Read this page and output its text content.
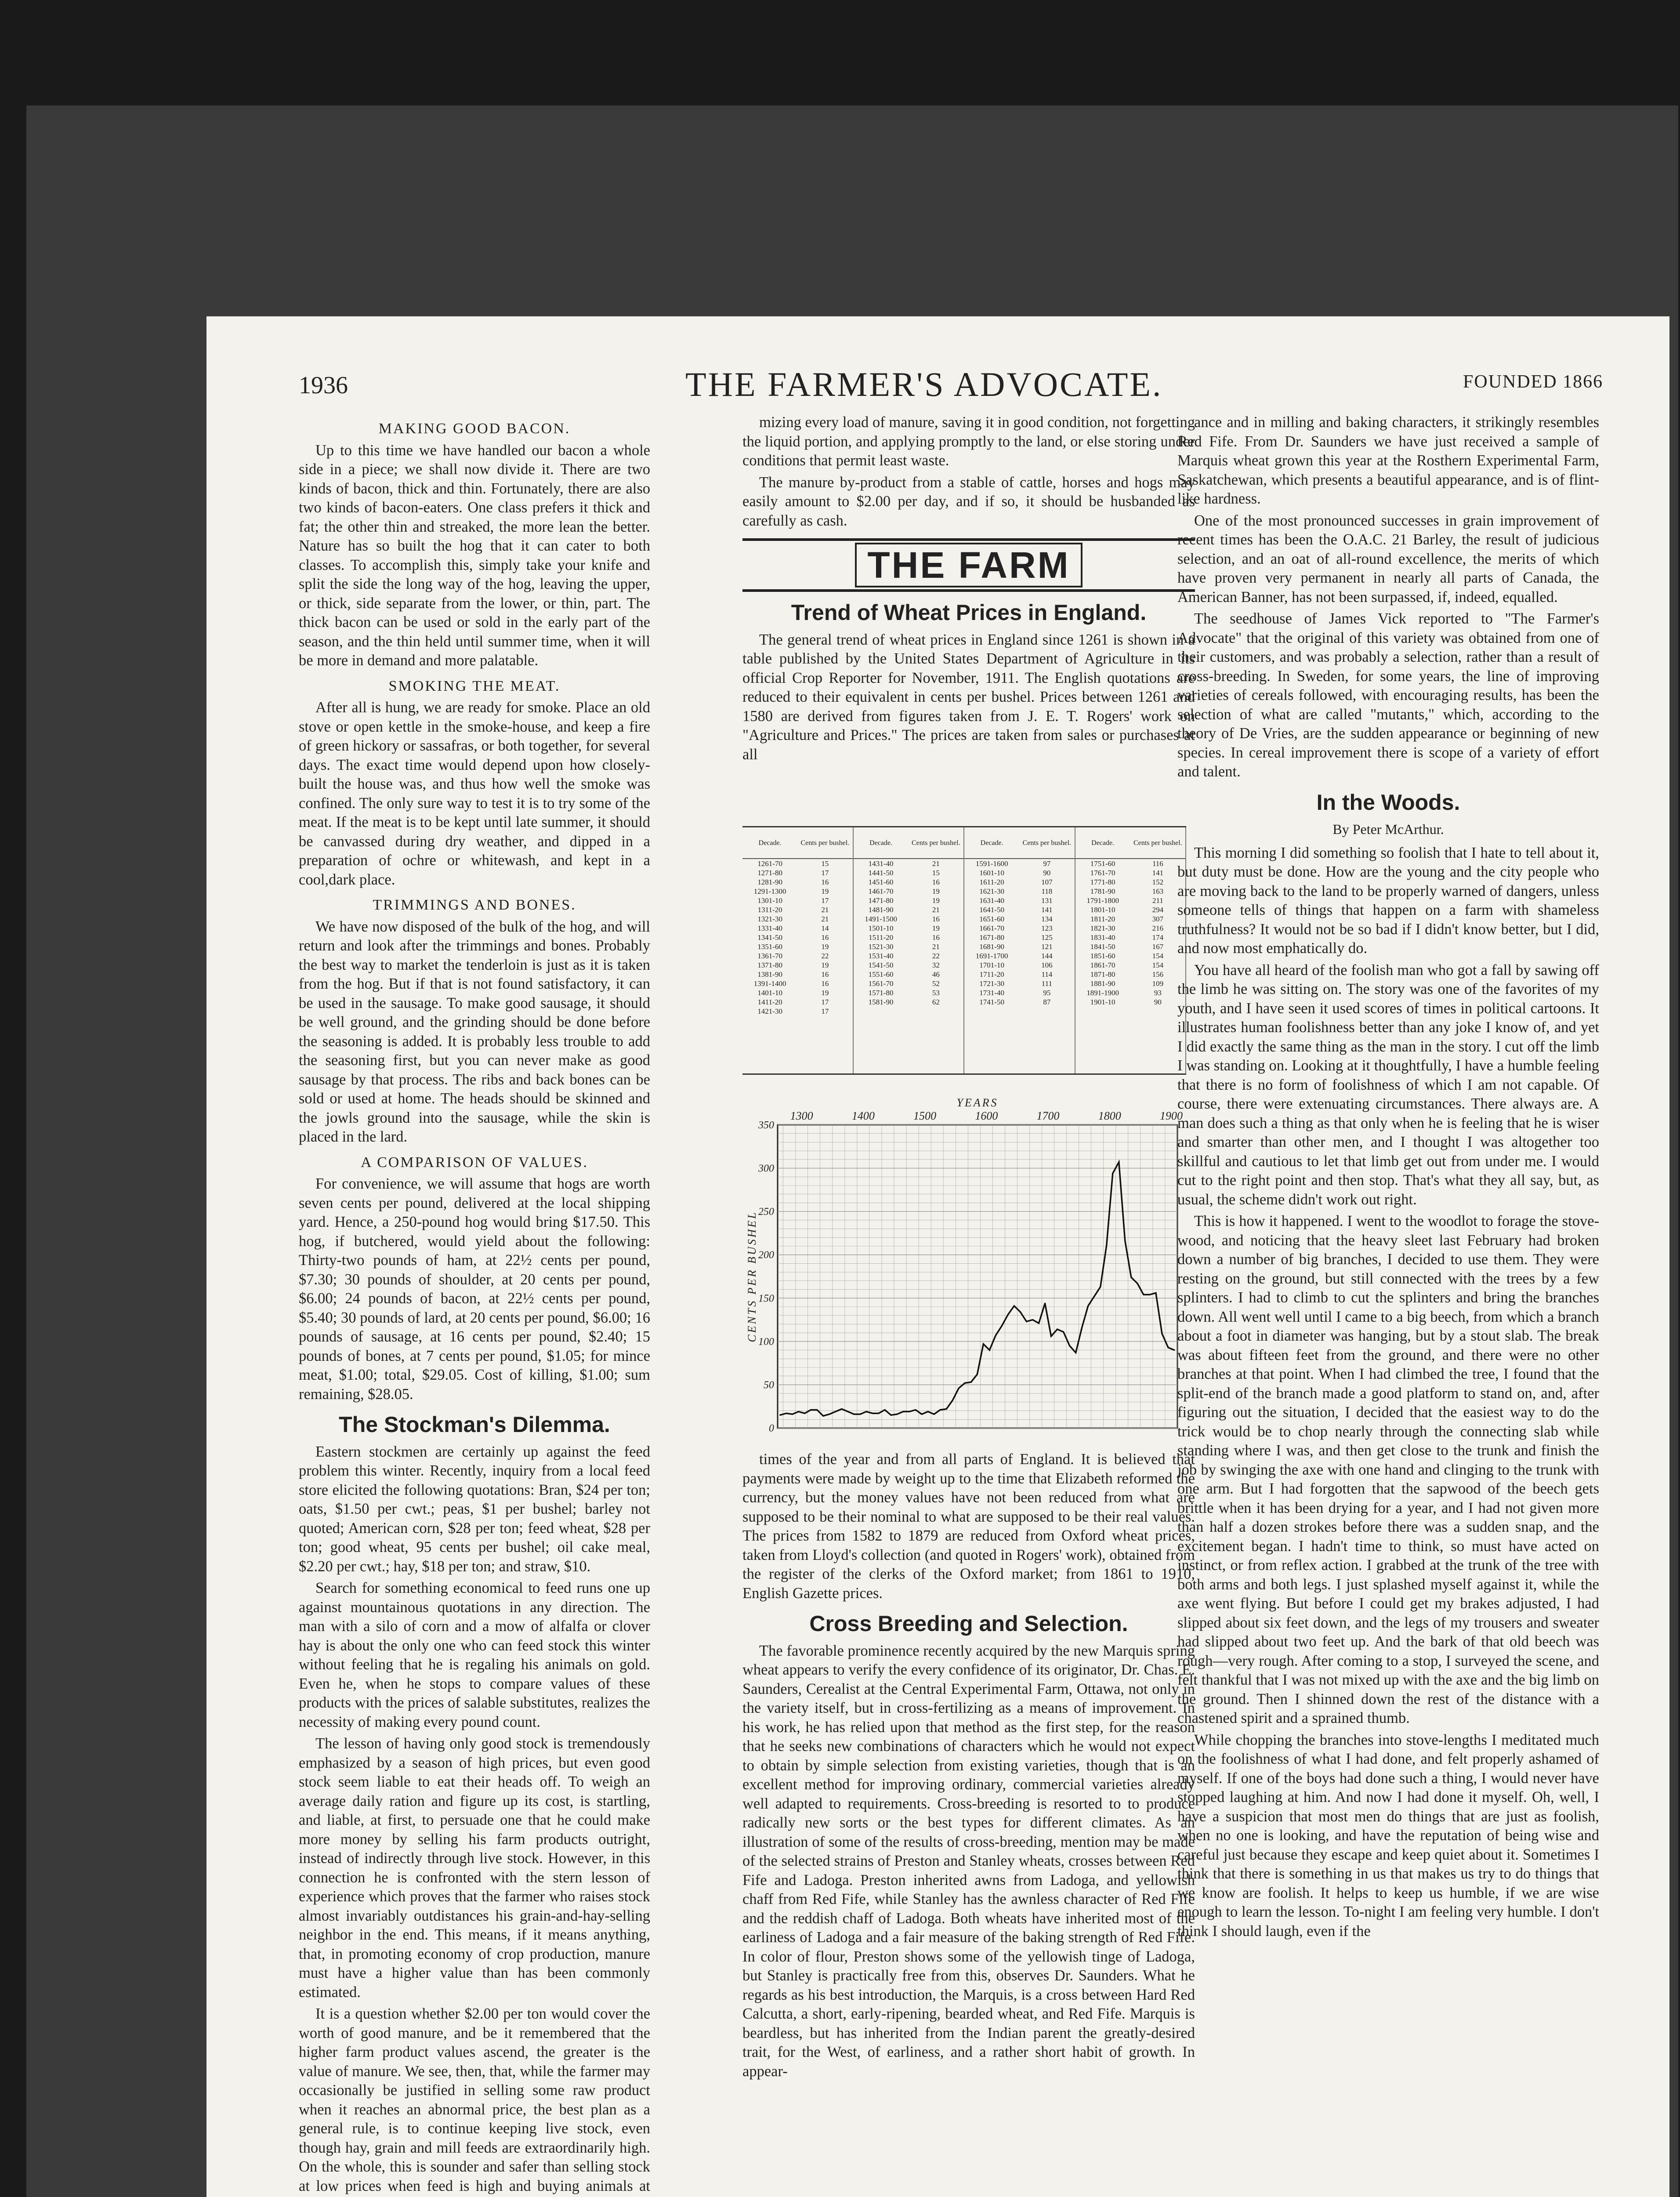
1936	THE FARMER'S ADVOCATE.	FOUNDED 1866
MAKING GOOD BACON.

Up to this time we have handled our bacon a whole side in a piece; we shall now divide it. There are two kinds of bacon, thick and thin. Fortunately, there are also two kinds of bacon-eaters. One class prefers it thick and fat; the other thin and streaked, the more lean the better. Nature has so built the hog that it can cater to both classes. To accomplish this, simply take your knife and split the side the long way of the hog, leaving the upper, or thick, side separate from the lower, or thin, part. The thick bacon can be used or sold in the early part of the season, and the thin held until summer time, when it will be more in demand and more palatable.

SMOKING THE MEAT.

After all is hung, we are ready for smoke. Place an old stove or open kettle in the smoke-house, and keep a fire of green hickory or sassafras, or both together, for several days. The exact time would depend upon how closely-built the house was, and thus how well the smoke was confined. The only sure way to test it is to try some of the meat. If the meat is to be kept until late summer, it should be canvassed during dry weather, and dipped in a preparation of ochre or whitewash, and kept in a cool,dark place.

TRIMMINGS AND BONES.

We have now disposed of the bulk of the hog, and will return and look after the trimmings and bones. Probably the best way to market the tenderloin is just as it is taken from the hog. But if that is not found satisfactory, it can be used in the sausage. To make good sausage, it should be well ground, and the grinding should be done before the seasoning is added. It is probably less trouble to add the seasoning first, but you can never make as good sausage by that process. The ribs and back bones can be sold or used at home. The heads should be skinned and the jowls ground into the sausage, while the skin is placed in the lard.

A COMPARISON OF VALUES.

For convenience, we will assume that hogs are worth seven cents per pound, delivered at the local shipping yard. Hence, a 250-pound hog would bring $17.50. This hog, if butchered, would yield about the following: Thirty-two pounds of ham, at 22½ cents per pound, $7.30; 30 pounds of shoulder, at 20 cents per pound, $6.00; 24 pounds of bacon, at 22½ cents per pound, $5.40; 30 pounds of lard, at 20 cents per pound, $6.00; 16 pounds of sausage, at 16 cents per pound, $2.40; 15 pounds of bones, at 7 cents per pound, $1.05; for mince meat, $1.00; total, $29.05. Cost of killing, $1.00; sum remaining, $28.05.

The Stockman's Dilemma.

Eastern stockmen are certainly up against the feed problem this winter. Recently, inquiry from a local feed store elicited the following quotations: Bran, $24 per ton; oats, $1.50 per cwt.; peas, $1 per bushel; barley not quoted; American corn, $28 per ton; feed wheat, $28 per ton; good wheat, 95 cents per bushel; oil cake meal, $2.20 per cwt.; hay, $18 per ton; and straw, $10.

Search for something economical to feed runs one up against mountainous quotations in any direction. The man with a silo of corn and a mow of alfalfa or clover hay is about the only one who can feed stock this winter without feeling that he is regaling his animals on gold. Even he, when he stops to compare values of these products with the prices of salable substitutes, realizes the necessity of making every pound count.

The lesson of having only good stock is tremendously emphasized by a season of high prices, but even good stock seem liable to eat their heads off. To weigh an average daily ration and figure up its cost, is startling, and liable, at first, to persuade one that he could make more money by selling his farm products outright, instead of indirectly through live stock. However, in this connection he is confronted with the stern lesson of experience which proves that the farmer who raises stock almost invariably outdistances his grain-and-hay-selling neighbor in the end. This means, if it means anything, that, in promoting economy of crop production, manure must have a higher value than has been commonly estimated.

It is a question whether $2.00 per ton would cover the worth of good manure, and be it remembered that the higher farm product values ascend, the greater is the value of manure. We see, then, that, while the farmer may occasionally be justified in selling some raw product when it reaches an abnormal price, the best plan as a general rule, is to continue keeping live stock, even though hay, grain and mill feeds are extraordinarily high. On the whole, this is sounder and safer than selling stock at low prices when feed is high and buying animals at

mizing every load of manure, saving it in good condition, not forgetting the liquid portion, and applying promptly to the land, or else storing under conditions that permit least waste.

The manure by-product from a stable of cattle, horses and hogs may easily amount to $2.00 per day, and if so, it should be husbanded as carefully as cash.

THE FARM
Trend of Wheat Prices in England.

The general trend of wheat prices in England since 1261 is shown in a table published by the United States Department of Agriculture in its official Crop Reporter for November, 1911. The English quotations are reduced to their equivalent in cents per bushel. Prices between 1261 and 1580 are derived from figures taken from J. E. T. Rogers' work on "Agriculture and Prices." The prices are taken from sales or purchases at all

Decade.	Cents per bushel.
1261-70	15
1271-80	17
1281-90	16
1291-1300	19
1301-10	17
1311-20	21
1321-30	21
1331-40	14
1341-50	16
1351-60	19
1361-70	22
1371-80	19
1381-90	16
1391-1400	16
1401-10	19
1411-20	17
1421-30	17
Decade.	Cents per bushel.
1431-40	21
1441-50	15
1451-60	16
1461-70	19
1471-80	19
1481-90	21
1491-1500	16
1501-10	19
1511-20	16
1521-30	21
1531-40	22
1541-50	32
1551-60	46
1561-70	52
1571-80	53
1581-90	62
Decade.	Cents per bushel.
1591-1600	97
1601-10	90
1611-20	107
1621-30	118
1631-40	131
1641-50	141
1651-60	134
1661-70	123
1671-80	125
1681-90	121
1691-1700	144
1701-10	106
1711-20	114
1721-30	111
1731-40	95
1741-50	87
Decade.	Cents per bushel.
1751-60	116
1761-70	141
1771-80	152
1781-90	163
1791-1800	211
1801-10	294
1811-20	307
1821-30	216
1831-40	174
1841-50	167
1851-60	154
1861-70	154
1871-80	156
1881-90	109
1891-1900	93
1901-10	90
1300	1400	1500	1600	1700	1800	1900
0
50
100
150
200
250
300
350
YEARS
CENTS PER BUSHEL

times of the year and from all parts of England. It is believed that payments were made by weight up to the time that Elizabeth reformed the currency, but the money values have not been reduced from what are supposed to be their nominal to what are supposed to be their real values. The prices from 1582 to 1879 are reduced from Oxford wheat prices, taken from Lloyd's collection (and quoted in Rogers' work), obtained from the register of the clerks of the Oxford market; from 1861 to 1910, English Gazette prices.

Cross Breeding and Selection.

The favorable prominence recently acquired by the new Marquis spring wheat appears to verify the every confidence of its originator, Dr. Chas. E. Saunders, Cerealist at the Central Experimental Farm, Ottawa, not only in the variety itself, but in cross-fertilizing as a means of improvement. In his work, he has relied upon that method as the first step, for the reason that he seeks new combinations of characters which he would not expect to obtain by simple selection from existing varieties, though that is an excellent method for improving ordinary, commercial varieties already well adapted to requirements. Cross-breeding is resorted to to produce radically new sorts or the best types for different climates. As an illustration of some of the results of cross-breeding, mention may be made of the selected strains of Preston and Stanley wheats, crosses between Red Fife and Ladoga. Preston inherited awns from Ladoga, and yellowish chaff from Red Fife, while Stanley has the awnless character of Red Fife and the reddish chaff of Ladoga. Both wheats have inherited most of the earliness of Ladoga and a fair measure of the baking strength of Red Fife. In color of flour, Preston shows some of the yellowish tinge of Ladoga, but Stanley is practically free from this, observes Dr. Saunders. What he regards as his best introduction, the Marquis, is a cross between Hard Red Calcutta, a short, early-ripening, bearded wheat, and Red Fife. Marquis is beardless, but has inherited from the Indian parent the greatly-desired trait, for the West, of earliness, and a rather short habit of growth. In appear-

ance and in milling and baking characters, it strikingly resembles Red Fife. From Dr. Saunders we have just received a sample of Marquis wheat grown this year at the Rosthern Experimental Farm, Saskatchewan, which presents a beautiful appearance, and is of flint-like hardness.

One of the most pronounced successes in grain improvement of recent times has been the O.A.C. 21 Barley, the result of judicious selection, and an oat of all-round excellence, the merits of which have proven very permanent in nearly all parts of Canada, the American Banner, has not been surpassed, if, indeed, equalled.

The seedhouse of James Vick reported to "The Farmer's Advocate" that the original of this variety was obtained from one of their customers, and was probably a selection, rather than a result of cross-breeding. In Sweden, for some years, the line of improving varieties of cereals followed, with encouraging results, has been the selection of what are called "mutants," which, according to the theory of De Vries, are the sudden appearance or beginning of new species. In cereal improvement there is scope of a variety of effort and talent.

In the Woods.
By Peter McArthur.

This morning I did something so foolish that I hate to tell about it, but duty must be done. How are the young and the city people who are moving back to the land to be properly warned of dangers, unless someone tells of things that happen on a farm with shameless truthfulness? It would not be so bad if I didn't know better, but I did, and now most emphatically do.

You have all heard of the foolish man who got a fall by sawing off the limb he was sitting on. The story was one of the favorites of my youth, and I have seen it used scores of times in political cartoons. It illustrates human foolishness better than any joke I know of, and yet I did exactly the same thing as the man in the story. I cut off the limb I was standing on. Looking at it thoughtfully, I have a humble feeling that there is no form of foolishness of which I am not capable. Of course, there were extenuating circumstances. There always are. A man does such a thing as that only when he is feeling that he is wiser and smarter than other men, and I thought I was altogether too skillful and cautious to let that limb get out from under me. I would cut to the right point and then stop. That's what they all say, but, as usual, the scheme didn't work out right.

This is how it happened. I went to the woodlot to forage the stove-wood, and noticing that the heavy sleet last February had broken down a number of big branches, I decided to use them. They were resting on the ground, but still connected with the trees by a few splinters. I had to climb to cut the splinters and bring the branches down. All went well until I came to a big beech, from which a branch about a foot in diameter was hanging, but by a stout slab. The break was about fifteen feet from the ground, and there were no other branches at that point. When I had climbed the tree, I found that the split-end of the branch made a good platform to stand on, and, after figuring out the situation, I decided that the easiest way to do the trick would be to chop nearly through the connecting slab while standing where I was, and then get close to the trunk and finish the job by swinging the axe with one hand and clinging to the trunk with one arm. But I had forgotten that the sapwood of the beech gets brittle when it has been drying for a year, and I had not given more than half a dozen strokes before there was a sudden snap, and the excitement began. I hadn't time to think, so must have acted on instinct, or from reflex action. I grabbed at the trunk of the tree with both arms and both legs. I just splashed myself against it, while the axe went flying. But before I could get my brakes adjusted, I had slipped about six feet down, and the legs of my trousers and sweater had slipped about two feet up. And the bark of that old beech was rough—very rough. After coming to a stop, I surveyed the scene, and felt thankful that I was not mixed up with the axe and the big limb on the ground. Then I shinned down the rest of the distance with a chastened spirit and a sprained thumb.

While chopping the branches into stove-lengths I meditated much on the foolishness of what I had done, and felt properly ashamed of myself. If one of the boys had done such a thing, I would never have stopped laughing at him. And now I had done it myself. Oh, well, I have a suspicion that most men do things that are just as foolish, when no one is looking, and have the reputation of being wise and careful just because they escape and keep quiet about it. Sometimes I think that there is something in us that makes us try to do things that we know are foolish. It helps to keep us humble, if we are wise enough to learn the lesson. To-night I am feeling very humble. I don't think I should laugh, even if the
